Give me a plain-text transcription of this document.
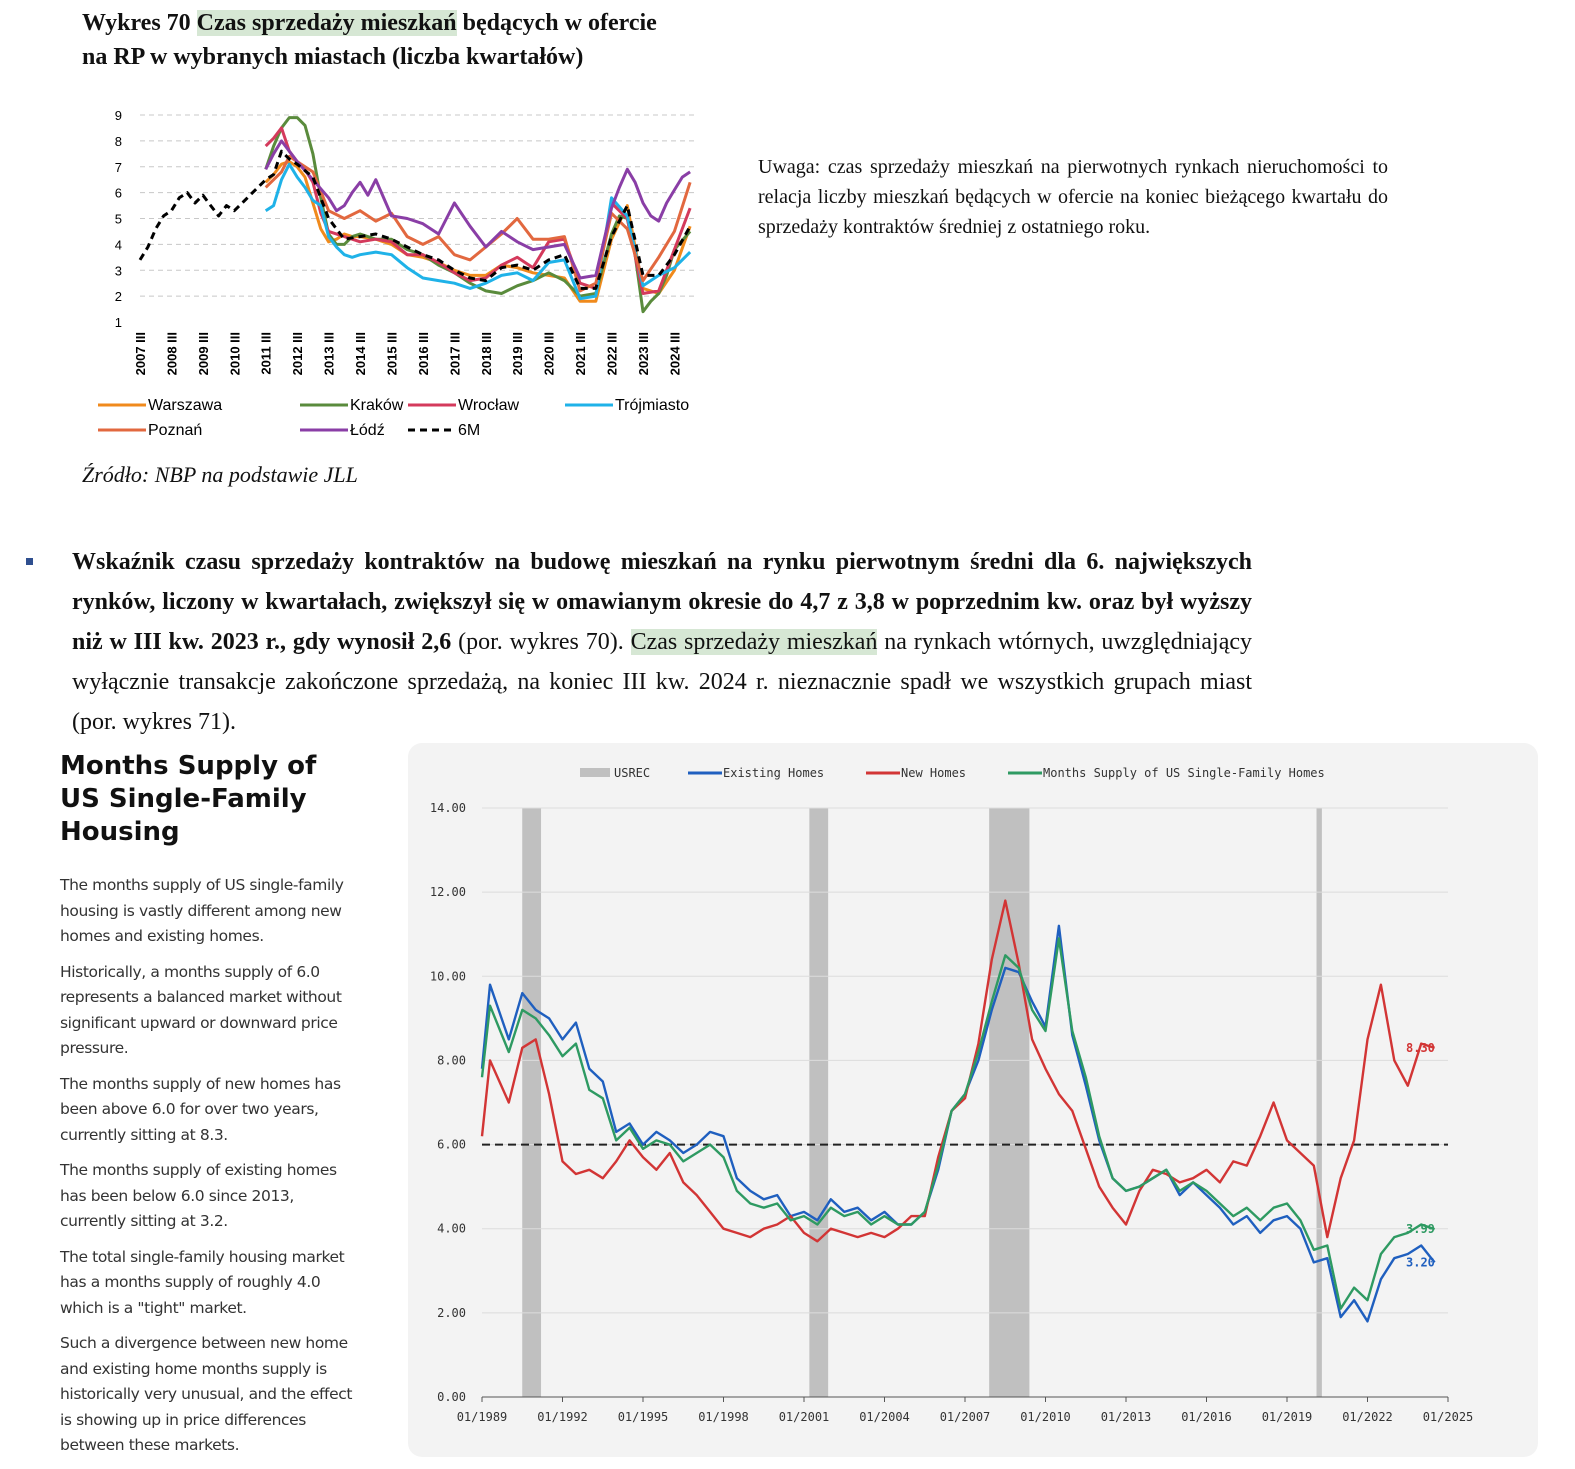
Wykres 70 Czas sprzedaży mieszkań będących w ofercie na RP w wybranych miastach (liczba kwartałów)
1
2
3
4
5
6
7
8
9
2007 III 2008 III 2009 III 2010 III 2011 III 2012 III 2013 III 2014 III 2015 III 2016 III 2017 III 2018 III 2019 III 2020 III 2021 III 2022 III 2023 III 2024 III
Warszawa	Kraków	Wrocław	Trójmiasto
Poznań	Łódź	6M
Źródło: NBP na podstawie JLL
Uwaga: czas sprzedaży mieszkań na pierwotnych rynkach nieruchomości to relacja liczby mieszkań będących w ofercie na koniec bieżącego kwartału do sprzedaży kontraktów średniej z ostatniego roku.
Wskaźnik czasu sprzedaży kontraktów na budowę mieszkań na rynku pierwotnym średni dla 6. największych rynków, liczony w kwartałach, zwiększył się w omawianym okresie do 4,7 z 3,8 w poprzednim kw. oraz był wyższy niż w III kw. 2023 r., gdy wynosił 2,6 (por. wykres 70). Czas sprzedaży mieszkań na rynkach wtórnych, uwzględniający wyłącznie transakcje zakończone sprzedażą, na koniec III kw. 2024 r. nieznacznie spadł we wszystkich grupach miast (por. wykres 71).
Months Supply of US Single-Family Housing

The months supply of US single-family housing is vastly different among new homes and existing homes.

Historically, a months supply of 6.0 represents a balanced market without significant upward or downward price pressure.

The months supply of new homes has been above 6.0 for over two years, currently sitting at 8.3.

The months supply of existing homes has been below 6.0 since 2013, currently sitting at 3.2.

The total single-family housing market has a months supply of roughly 4.0 which is a "tight" market.

Such a divergence between new home and existing home months supply is historically very unusual, and the effect is showing up in price differences between these markets.

0.00
2.00
4.00
6.00
8.00
10.00
12.00
14.00
01/1989 01/1992 01/1995 01/1998 01/2001 01/2004 01/2007 01/2010 01/2013 01/2016 01/2019 01/2022 01/2025
3.20
8.30
3.99
USREC	Existing Homes	New Homes	Months Supply of US Single-Family Homes
